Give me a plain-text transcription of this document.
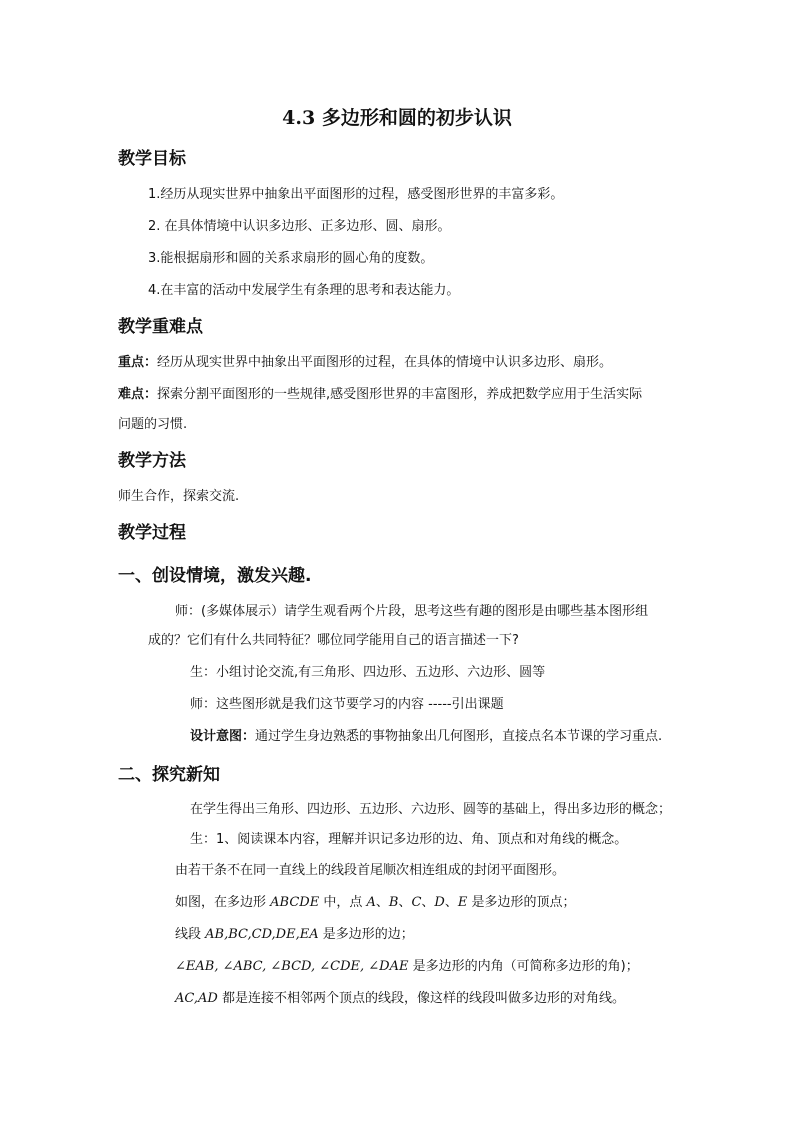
4.3 多边形和圆的初步认识
教学目标
1.经历从现实世界中抽象出平面图形的过程，感受图形世界的丰富多彩。
2. 在具体情境中认识多边形、正多边形、圆、扇形。
3.能根据扇形和圆的关系求扇形的圆心角的度数。
4.在丰富的活动中发展学生有条理的思考和表达能力。
教学重难点
重点：经历从现实世界中抽象出平面图形的过程，在具体的情境中认识多边形、扇形。
难点：探索分割平面图形的一些规律,感受图形世界的丰富图形，养成把数学应用于生活实际
问题的习惯.
教学方法
师生合作，探索交流.
教学过程
一、创设情境，激发兴趣.
师：(多媒体展示）请学生观看两个片段，思考这些有趣的图形是由哪些基本图形组
成的？它们有什么共同特征？哪位同学能用自己的语言描述一下?
生：小组讨论交流,有三角形、四边形、五边形、六边形、圆等
师：这些图形就是我们这节要学习的内容 -----引出课题
设计意图：通过学生身边熟悉的事物抽象出几何图形，直接点名本节课的学习重点.
二、探究新知
在学生得出三角形、四边形、五边形、六边形、圆等的基础上，得出多边形的概念；
生：1、阅读课本内容，理解并识记多边形的边、角、顶点和对角线的概念。
由若干条不在同一直线上的线段首尾顺次相连组成的封闭平面图形。
如图，在多边形 ABCDE 中，点 A、B、C、D、E 是多边形的顶点；
线段 AB,BC,CD,DE,EA 是多边形的边；
∠EAB, ∠ABC, ∠BCD, ∠CDE, ∠DAE 是多边形的内角（可简称多边形的角)；
AC,AD 都是连接不相邻两个顶点的线段，像这样的线段叫做多边形的对角线。
